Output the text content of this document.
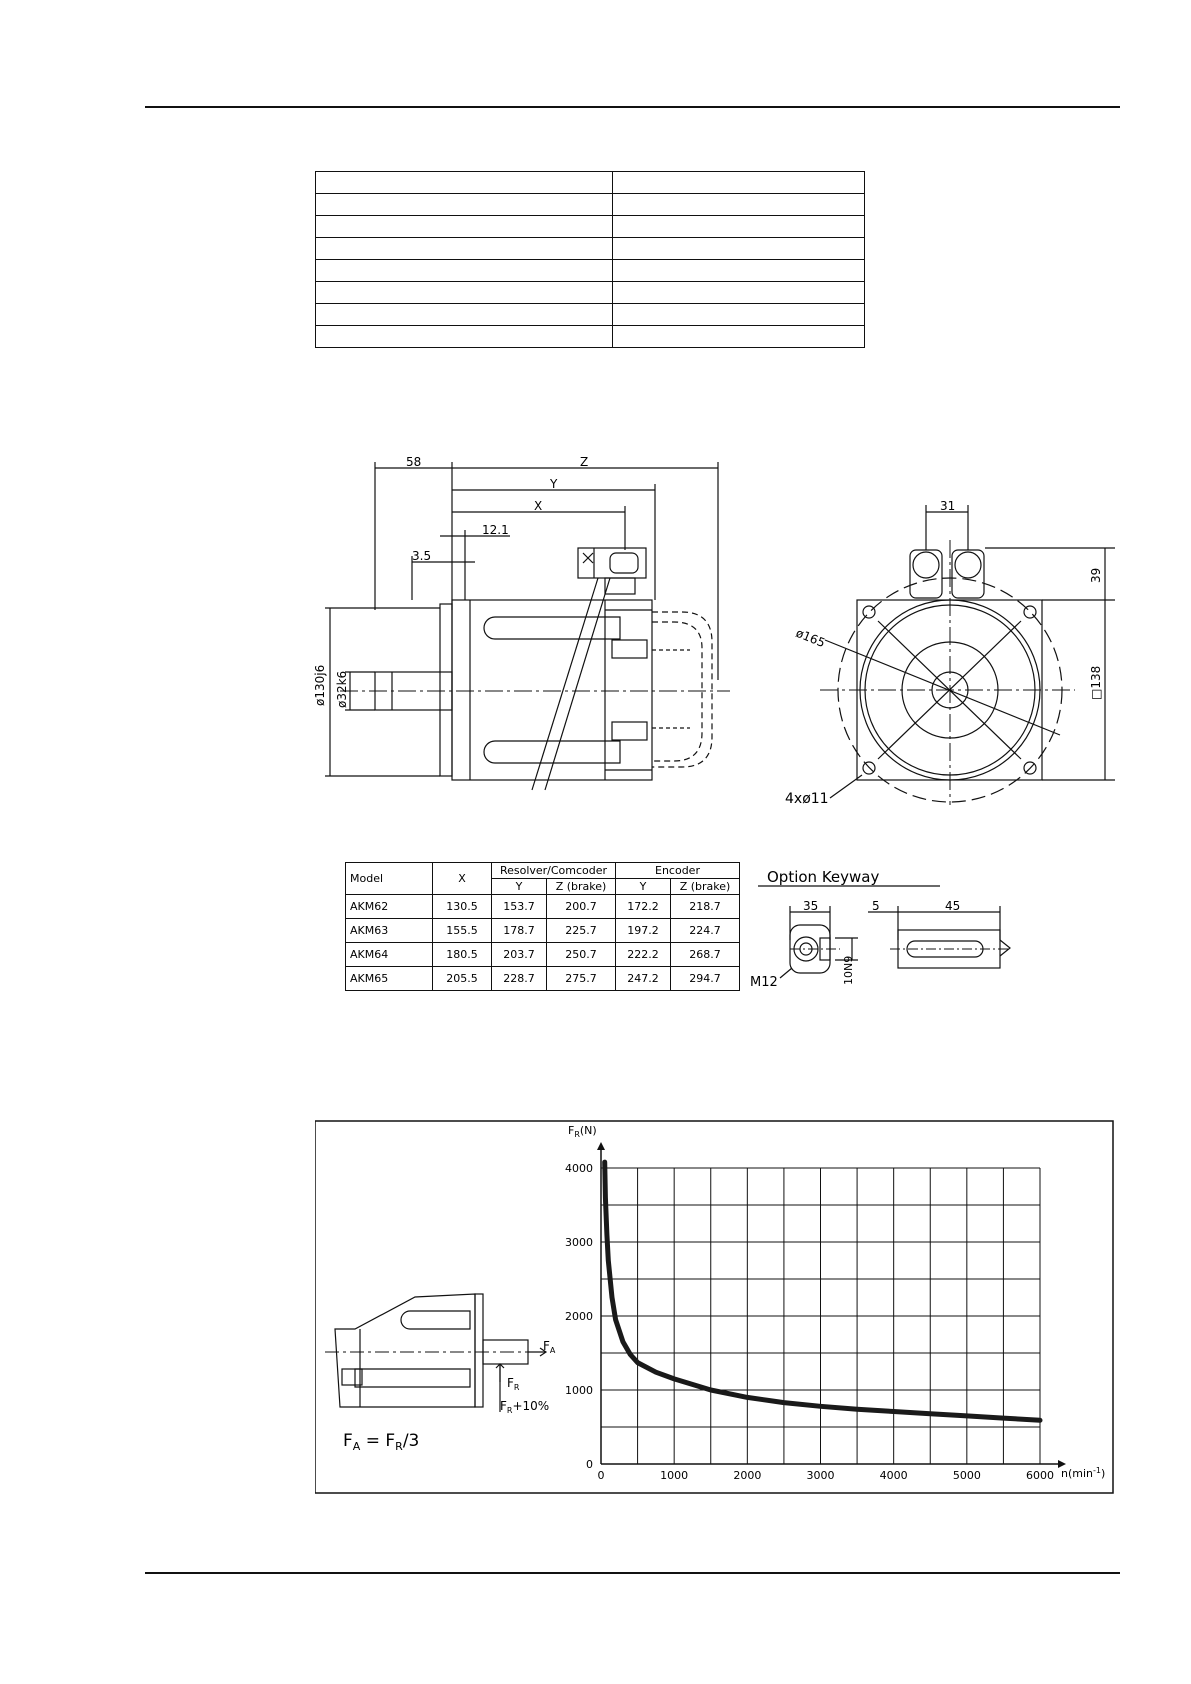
58	Z
Y
X
12.1
3.5
31
39
ø130j6 ø32k6
ø165
□138
4xø11
Model	X	Resolver/Comcoder		Encoder	
		Y	Z (brake)	Y	Z (brake)
AKM62	130.5	153.7	200.7	172.2	218.7
AKM63	155.5	178.7	225.7	197.2	224.7
AKM64	180.5	203.7	250.7	222.2	268.7
AKM65	205.5	228.7	275.7	247.2	294.7
Option Keyway
35	5	45
M12	10N9
$F_A$
$F_R$
$F_R+10\%$
$F_A = F_R/3$
0	1000	2000	3000	4000	5000	6000
0
1000
2000
3000
4000
$F_R(N)$
$n(\min^{-1})$
